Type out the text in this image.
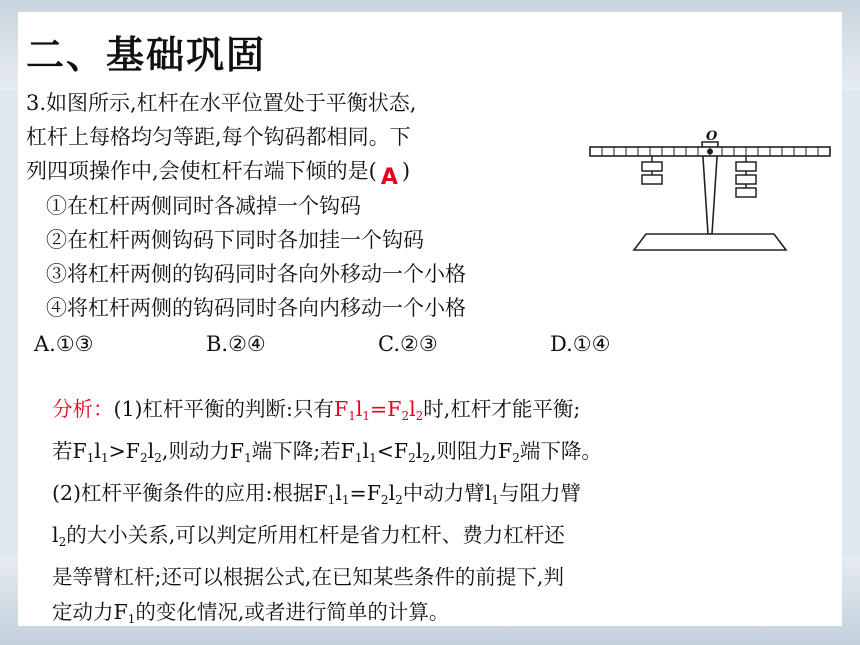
二、基础巩固
3.如图所示,杠杆在水平位置处于平衡状态,
杠杆上每格均匀等距,每个钩码都相同。下
列四项操作中,会使杠杆右端下倾的是( A )
①在杠杆两侧同时各减掉一个钩码
②在杠杆两侧钩码下同时各加挂一个钩码
③将杠杆两侧的钩码同时各向外移动一个小格
④将杠杆两侧的钩码同时各向内移动一个小格
A.①③	B.②④	C.②③	D.①④
O
分析：(1)杠杆平衡的判断:只有$F_1l_1=F_2l_2$时,杠杆才能平衡;
若$F_1l_1>F_2l_2$,则动力$F_1$端下降;若$F_1l_1<F_2l_2$,则阻力$F_2$端下降。
(2)杠杆平衡条件的应用:根据$F_1l_1=F_2l_2$中动力臂$l_1$与阻力臂
$l_2$的大小关系,可以判定所用杠杆是省力杠杆、费力杠杆还
是等臂杠杆;还可以根据公式,在已知某些条件的前提下,判
定动力$F_1$的变化情况,或者进行简单的计算。
